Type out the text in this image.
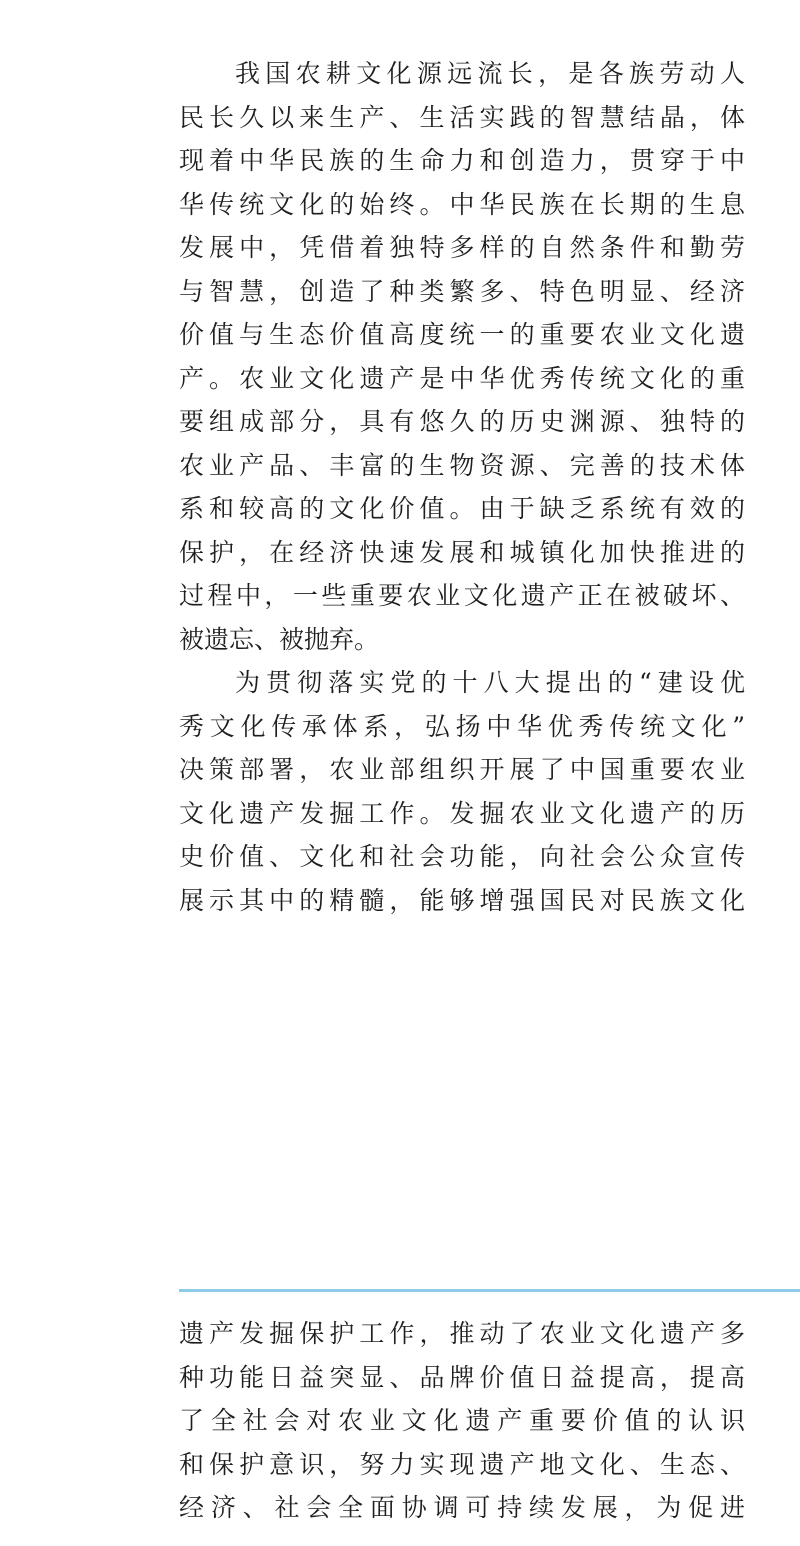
我国农耕文化源远流长，是各族劳动人
民长久以来生产、生活实践的智慧结晶，体
现着中华民族的生命力和创造力，贯穿于中
华传统文化的始终。中华民族在长期的生息
发展中，凭借着独特多样的自然条件和勤劳
与智慧，创造了种类繁多、特色明显、经济
价值与生态价值高度统一的重要农业文化遗
产。农业文化遗产是中华优秀传统文化的重
要组成部分，具有悠久的历史渊源、独特的
农业产品、丰富的生物资源、完善的技术体
系和较高的文化价值。由于缺乏系统有效的
保护，在经济快速发展和城镇化加快推进的
过程中，一些重要农业文化遗产正在被破坏、
被遗忘、被抛弃。
为贯彻落实党的十八大提出的“建设优
秀文化传承体系，弘扬中华优秀传统文化”
决策部署，农业部组织开展了中国重要农业
文化遗产发掘工作。发掘农业文化遗产的历
史价值、文化和社会功能，向社会公众宣传
展示其中的精髓，能够增强国民对民族文化
遗产发掘保护工作，推动了农业文化遗产多
种功能日益突显、品牌价值日益提高，提高
了全社会对农业文化遗产重要价值的认识
和保护意识，努力实现遗产地文化、生态、
经济、社会全面协调可持续发展，为促进
